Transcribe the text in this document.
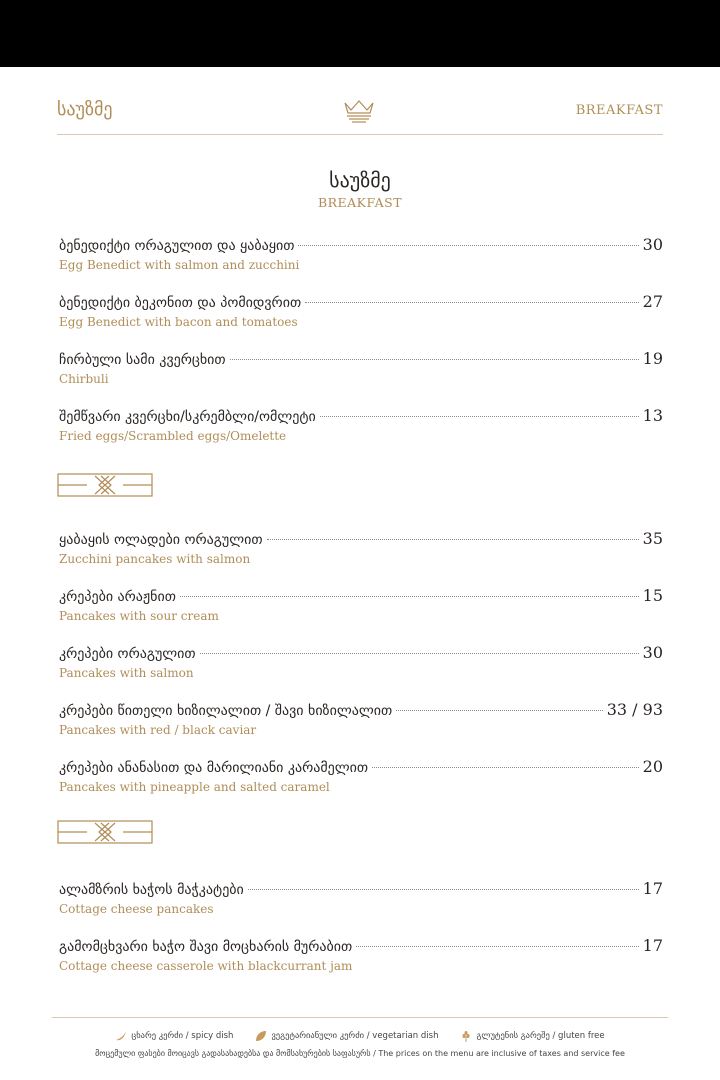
საუზმე	BREAKFAST
საუზმე
BREAKFAST
ბენედიქტი ორაგულით და ყაბაყით	30
Egg Benedict with salmon and zucchini
ბენედიქტი ბეკონით და პომიდვრით	27
Egg Benedict with bacon and tomatoes
ჩირბული სამი კვერცხით	19
Chirbuli
შემწვარი კვერცხი/სკრემბლი/ომლეტი	13
Fried eggs/Scrambled eggs/Omelette
ყაბაყის ოლადები ორაგულით	35
Zucchini pancakes with salmon
კრეპები არაჟნით	15
Pancakes with sour cream
კრეპები ორაგულით	30
Pancakes with salmon
კრეპები წითელი ხიზილალით / შავი ხიზილალით	33 / 93
Pancakes with red / black caviar
კრეპები ანანასით და მარილიანი კარამელით	20
Pancakes with pineapple and salted caramel
ალამზრის ხაჭოს მაჭკატები	17
Cottage cheese pancakes
გამომცხვარი ხაჭო შავი მოცხარის მურაბით	17
Cottage cheese casserole with blackcurrant jam
ცხარე კერძი / spicy dish	ვეგეტარიანული კერძი / vegetarian dish	გლუტენის გარეშე / gluten free
მოცემული ფასები მოიცავს გადასახადებსა და მომსახურების საფასურს / The prices on the menu are inclusive of taxes and service fee
